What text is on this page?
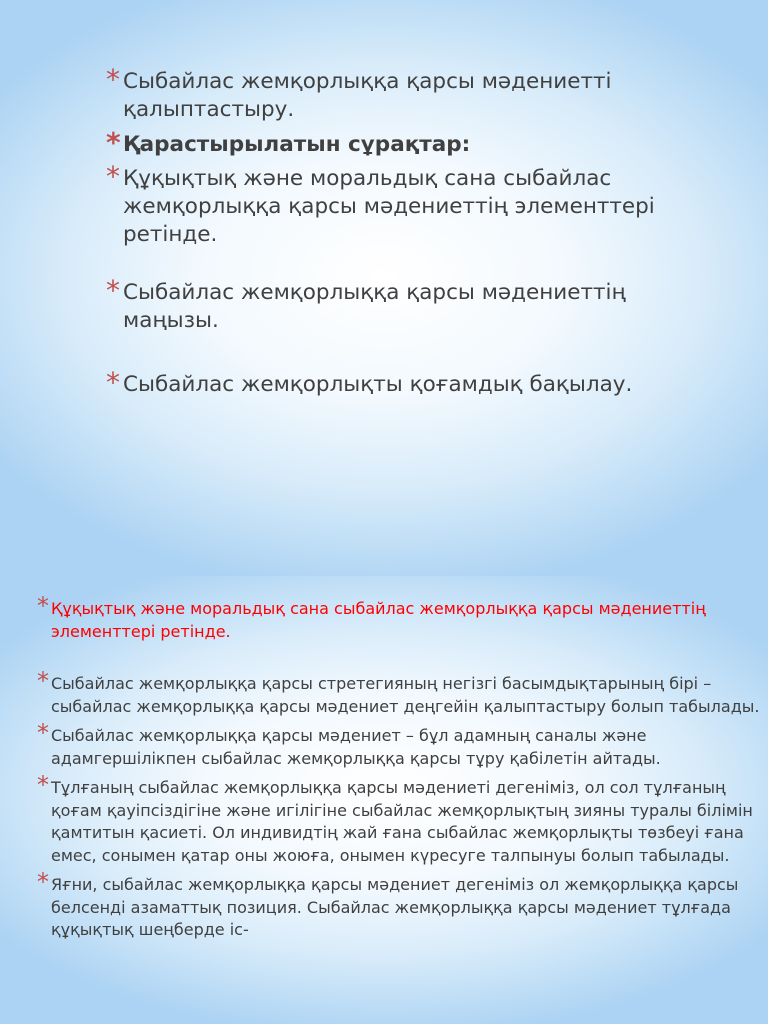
* Сыбайлас жемқорлыққа қарсы мәдениетті қалыптастыру.
* Қарастырылатын сұрақтар:
* Құқықтық және моральдық сана сыбайлас жемқорлыққа қарсы мәдениеттің элементтері ретінде.
* Сыбайлас жемқорлыққа қарсы мәдениеттің маңызы.
* Сыбайлас жемқорлықты қоғамдық бақылау.
* Құқықтық және моральдық сана сыбайлас жемқорлыққа қарсы мәдениеттің элементтері ретінде.
* Сыбайлас жемқорлыққа қарсы стретегияның негізгі басымдықтарының бірі – сыбайлас жемқорлыққа қарсы мәдениет деңгейін қалыптастыру болып табылады.
* Сыбайлас жемқорлыққа қарсы мәдениет – бұл адамның саналы және адамгершілікпен сыбайлас жемқорлыққа қарсы тұру қабілетін айтады.
* Тұлғаның сыбайлас жемқорлыққа қарсы мәдениеті дегеніміз, ол сол тұлғаның қоғам қауіпсіздігіне және игілігіне сыбайлас жемқорлықтың зияны туралы білімін қамтитын қасиеті. Ол индивидтің жай ғана сыбайлас жемқорлықты төзбеуі ғана емес, сонымен қатар оны жоюға, онымен күресуге талпынуы болып табылады.
* Яғни, сыбайлас жемқорлыққа қарсы мәдениет дегеніміз ол жемқорлыққа қарсы белсенді азаматтық позиция. Сыбайлас жемқорлыққа қарсы мәдениет тұлғада құқықтық шеңберде іс-
